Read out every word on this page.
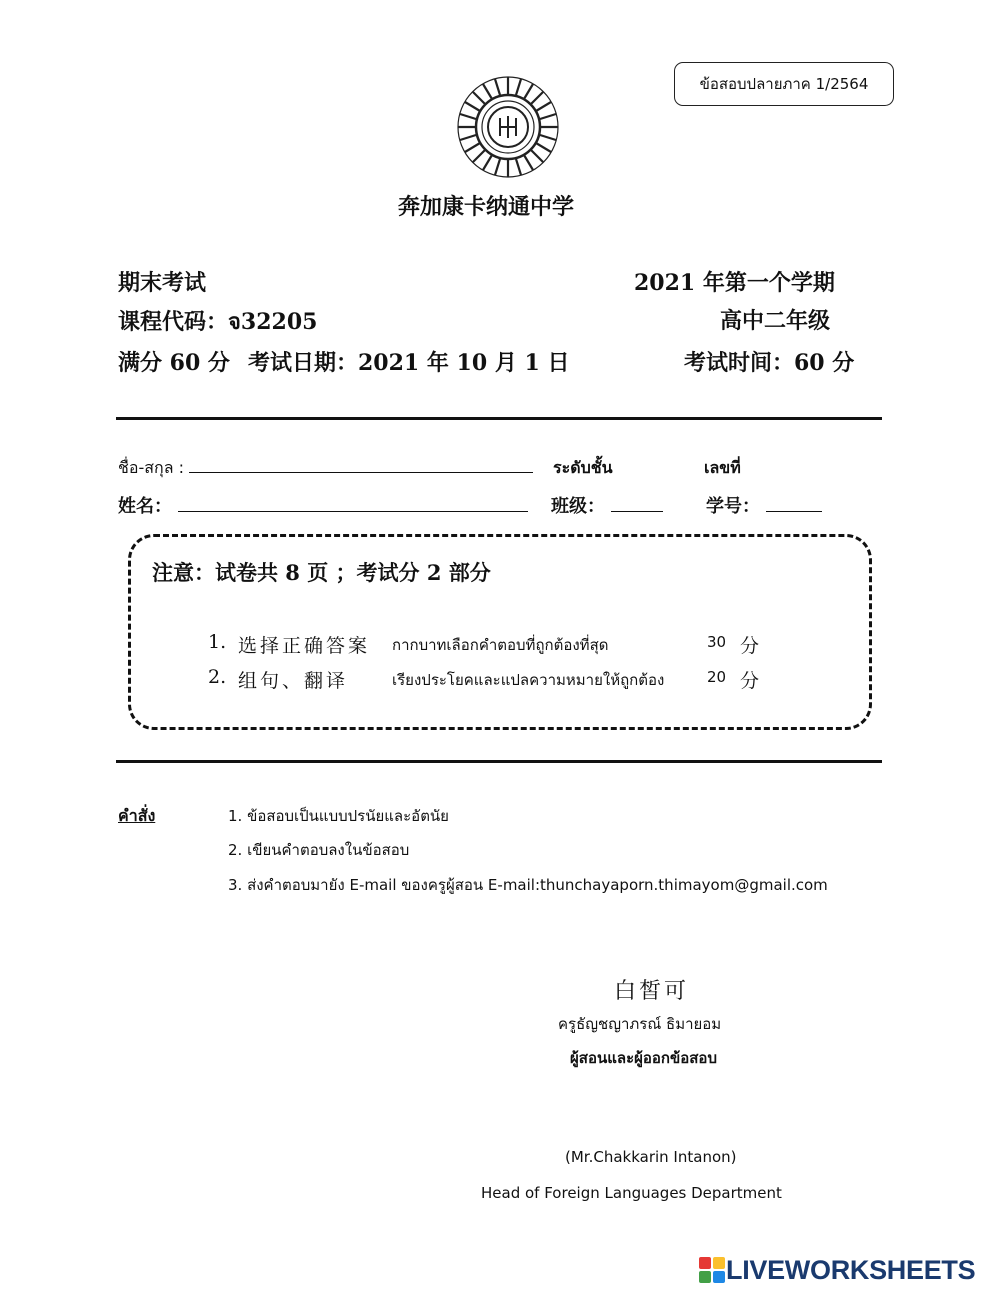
ข้อสอบปลายภาค 1/2564
奔加康卡纳通中学
期末考试	2021 年第一个学期
课程代码：จ32205	高中二年级
满分 60 分 考试日期：2021 年 10 月 1 日	考试时间：60 分
ชื่อ-สกุล :	ระดับชั้น	เลขที่
姓名：	班级：	学号：
注意：试卷共 8 页 ；考试分 2 部分
1. 选择正确答案 กากบาทเลือกคำตอบที่ถูกต้องที่สุด	30 分
2. 组句、翻译	เรียงประโยคและแปลความหมายให้ถูกต้อง	20 分
คำสั่ง	1. ข้อสอบเป็นแบบปรนัยและอัตนัย
2. เขียนคำตอบลงในข้อสอบ
3. ส่งคำตอบมายัง E-mail ของครูผู้สอน E-mail:thunchayaporn.thimayom@gmail.com
白皙可
ครูธัญชญาภรณ์ ธิมายอม
ผู้สอนและผู้ออกข้อสอบ
(Mr.Chakkarin Intanon)
Head of Foreign Languages Department
LIVEWORKSHEETS
